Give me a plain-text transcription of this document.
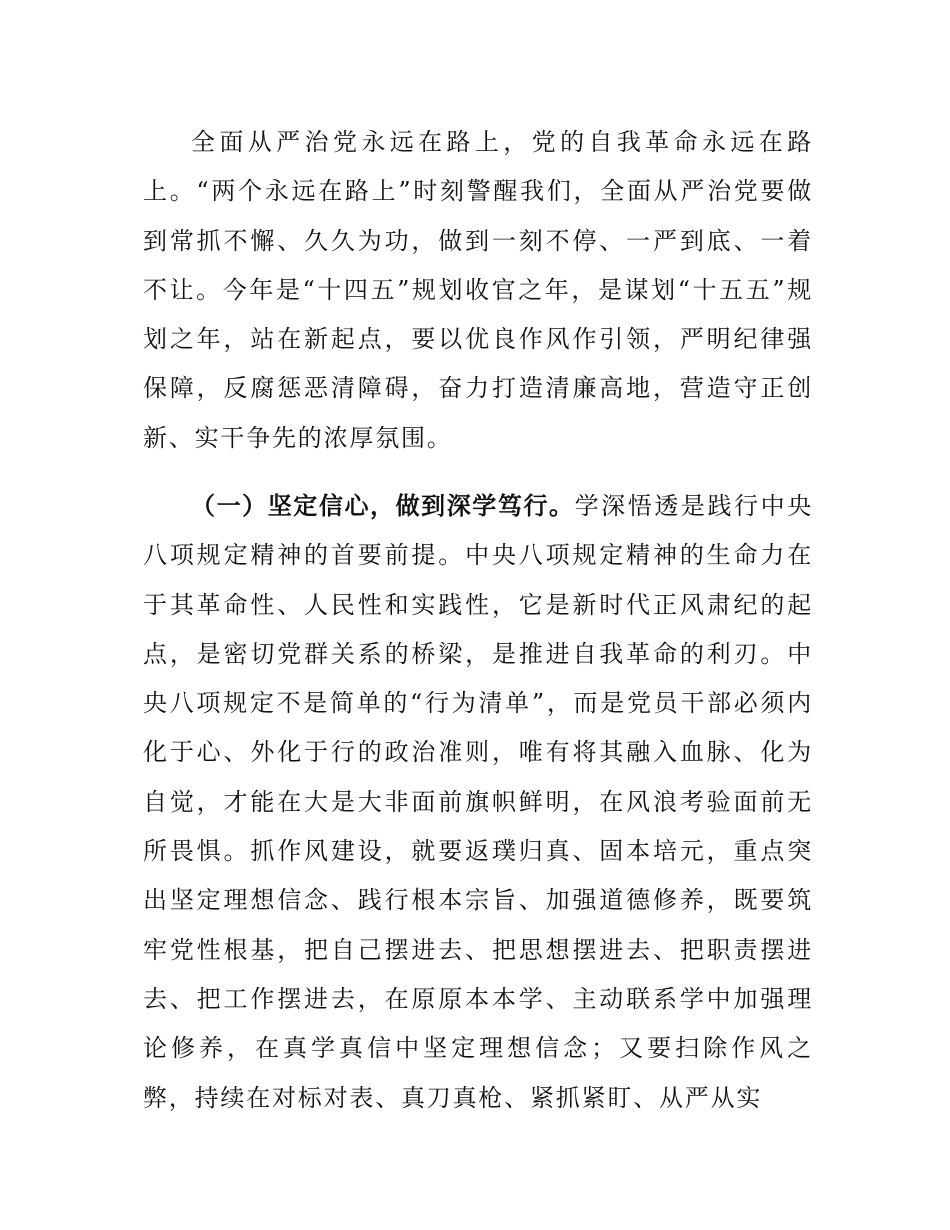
全面从严治党永远在路上，党的自我革命永远在路上。“两个永远在路上”时刻警醒我们，全面从严治党要做到常抓不懈、久久为功，做到一刻不停、一严到底、一着不让。今年是“十四五”规划收官之年，是谋划“十五五”规划之年，站在新起点，要以优良作风作引领，严明纪律强保障，反腐惩恶清障碍，奋力打造清廉高地，营造守正创新、实干争先的浓厚氛围。

（一）坚定信心，做到深学笃行。学深悟透是践行中央八项规定精神的首要前提。中央八项规定精神的生命力在于其革命性、人民性和实践性，它是新时代正风肃纪的起点，是密切党群关系的桥梁，是推进自我革命的利刃。中央八项规定不是简单的“行为清单”，而是党员干部必须内化于心、外化于行的政治准则，唯有将其融入血脉、化为自觉，才能在大是大非面前旗帜鲜明，在风浪考验面前无所畏惧。抓作风建设，就要返璞归真、固本培元，重点突出坚定理想信念、践行根本宗旨、加强道德修养，既要筑牢党性根基，把自己摆进去、把思想摆进去、把职责摆进去、把工作摆进去，在原原本本学、主动联系学中加强理论修养，在真学真信中坚定理想信念；又要扫除作风之弊，持续在对标对表、真刀真枪、紧抓紧盯、从严从实
